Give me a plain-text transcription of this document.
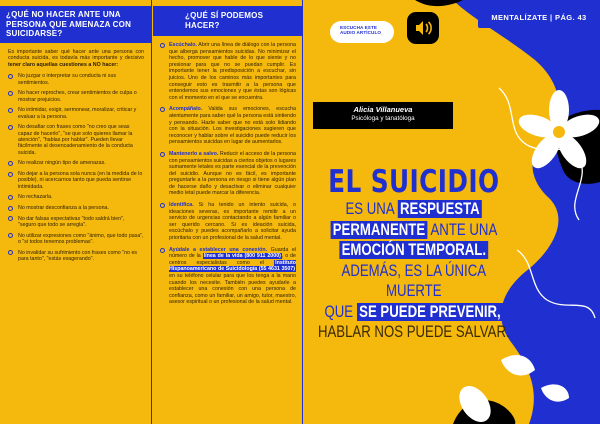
¿QUÉ NO HACER ANTE UNA PERSONA QUE AMENAZA CON SUICIDARSE?

Es importante saber qué hacer ante una persona con conducta suicida, es todavía más importante y decisivo tener claro aquellas cuestiones a NO hacer:

No juzgar o interpretar su conducta ni sus sentimientos.
No hacer reproches, crear sentimientos de culpa o mostrar prejuicios.
No intimidar, exigir, sermonear, moralizar, criticar y evaluar a la persona.
No desafiar con frases como "no creo que seas capaz de hacerlo", "se que solo quieres llamar la atención", "hablas por hablar". Pueden llevar fácilmente al desencadenamiento de la conducta suicida.
No realizar ningún tipo de amenazas.
No dejar a la persona sola nunca (en la medida de lo posible), ni acercarnos tanto que pueda sentirse intimidada.
No rechazarla.
No mostrar desconfianza a la persona.
No dar falsas expectativas "todo saldrá bien", "seguro que todo se arregla".
No utilizar expresiones como "ánimo, que todo pasa", o "si todos tenemos problemas".
No invalidar su sufrimiento con frases como "no es para tanto", "estás exagerando".
¿QUÉ SÍ PODEMOS HACER?
Escúchalo. Abrir una línea de diálogo con la persona que alberga pensamientos suicidas. No minimizar el hecho, promover que hable de lo que siente y no presionar para que no se puedan cumplir. Es importante tener la predisposición a escuchar, sin juicios. Uno de los caminos más importantes para conseguir esto es trasmitir a la persona que entendemos sus emociones y que éstas son lógicas con el momento en el que se encuentra.
Acompáñalo. Valida sus emociones, escucha atentamente para saber qué la persona está sintiendo y pensando. Hazle saber que no está solo lidiando con la situación. Los investigaciones sugieren que reconocer y hablar sobre el suicidio puede reducir los pensamientos suicidas en lugar de aumentarlos.
Mantenerlo a salvo. Reducir el acceso de la persona con pensamientos suicidas a ciertos objetos o lugares sumamente letales es parte esencial de la prevención del suicidio. Aunque no es fácil, es importante preguntarle a la persona en riesgo si tiene algún plan de hacerse daño y desactivar o eliminar cualquier medio letal puede marcar la diferencia.
Identifica. Si ha tenido un intento suicida, o ideaciones severas, es importante remitir a un servicio de urgencias contactando a algún familiar o ser querido cercano. Si es ideación suicida, escúchalo y puedes acompañarlo a solicitar ayuda prioritaria con un profesional de la salud mental.
Ayúdale a establecer una conexión. Guarda el número de la línea de la vida (800 911 2000), o de centros especialistas como el Instituto Hispanoamericano de Suicidología (55 4631 3507) en su teléfono celular para que los tenga a la mano cuando los necesite. También puedes ayudarle a establecer una conexión con una persona de confianza, como un familiar, un amigo, tutor, maestro, asesor espiritual o un profesional de la salud mental.
MENTALÍZATE | PÁG. 43
ESCUCHA ESTE AUDIO ARTÍCULO
Alicia Villanueva
Psicóloga y tanatóloga
EL SUICIDIO
ES UNA RESPUESTA
PERMANENTE ANTE UNA
EMOCIÓN TEMPORAL.
ADEMÁS, ES LA ÚNICA MUERTE
QUE SE PUEDE PREVENIR,
HABLAR NOS PUEDE SALVAR.
